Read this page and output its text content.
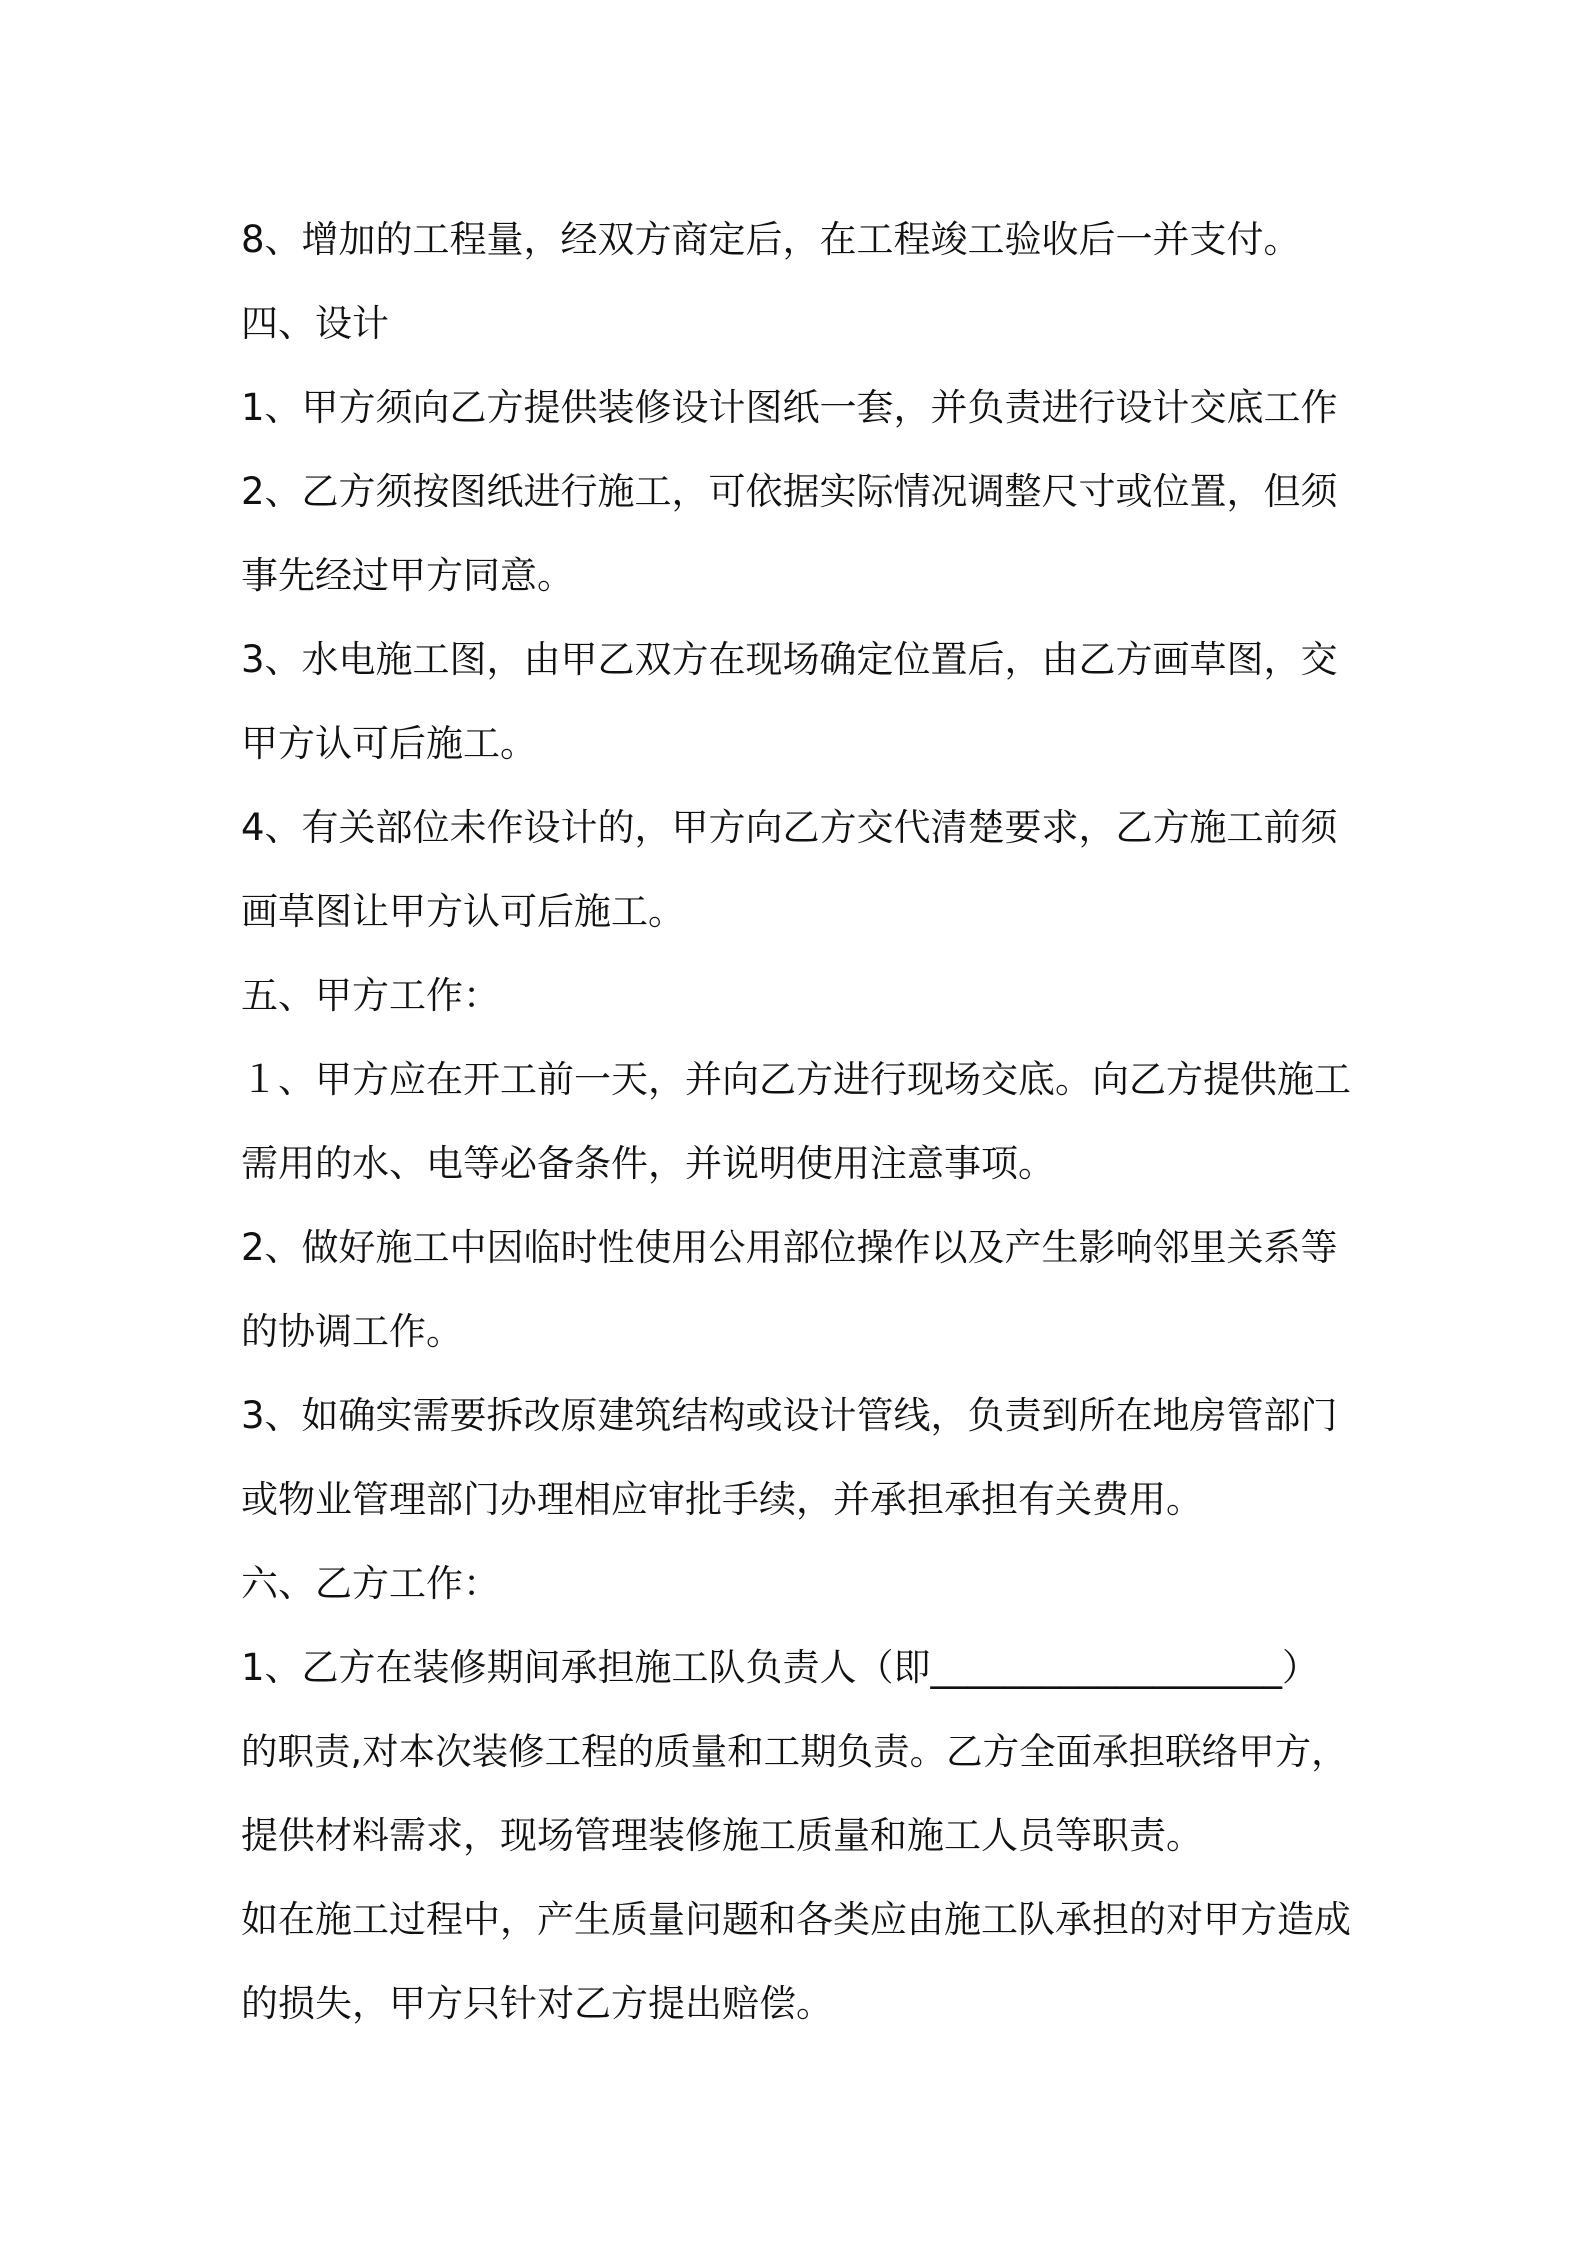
8、增加的工程量，经双方商定后，在工程竣工验收后一并支付。
四、设计
1、甲方须向乙方提供装修设计图纸一套，并负责进行设计交底工作
2、乙方须按图纸进行施工，可依据实际情况调整尺寸或位置，但须
事先经过甲方同意。
3、水电施工图，由甲乙双方在现场确定位置后，由乙方画草图，交
甲方认可后施工。
4、有关部位未作设计的，甲方向乙方交代清楚要求，乙方施工前须
画草图让甲方认可后施工。
五、甲方工作：
１、甲方应在开工前一天，并向乙方进行现场交底。向乙方提供施工
需用的水、电等必备条件，并说明使用注意事项。
2、做好施工中因临时性使用公用部位操作以及产生影响邻里关系等
的协调工作。
3、如确实需要拆改原建筑结构或设计管线，负责到所在地房管部门
或物业管理部门办理相应审批手续，并承担承担有关费用。
六、乙方工作：
1、乙方在装修期间承担施工队负责人（即___________________）
的职责,对本次装修工程的质量和工期负责。乙方全面承担联络甲方，
提供材料需求，现场管理装修施工质量和施工人员等职责。
如在施工过程中，产生质量问题和各类应由施工队承担的对甲方造成
的损失，甲方只针对乙方提出赔偿。
